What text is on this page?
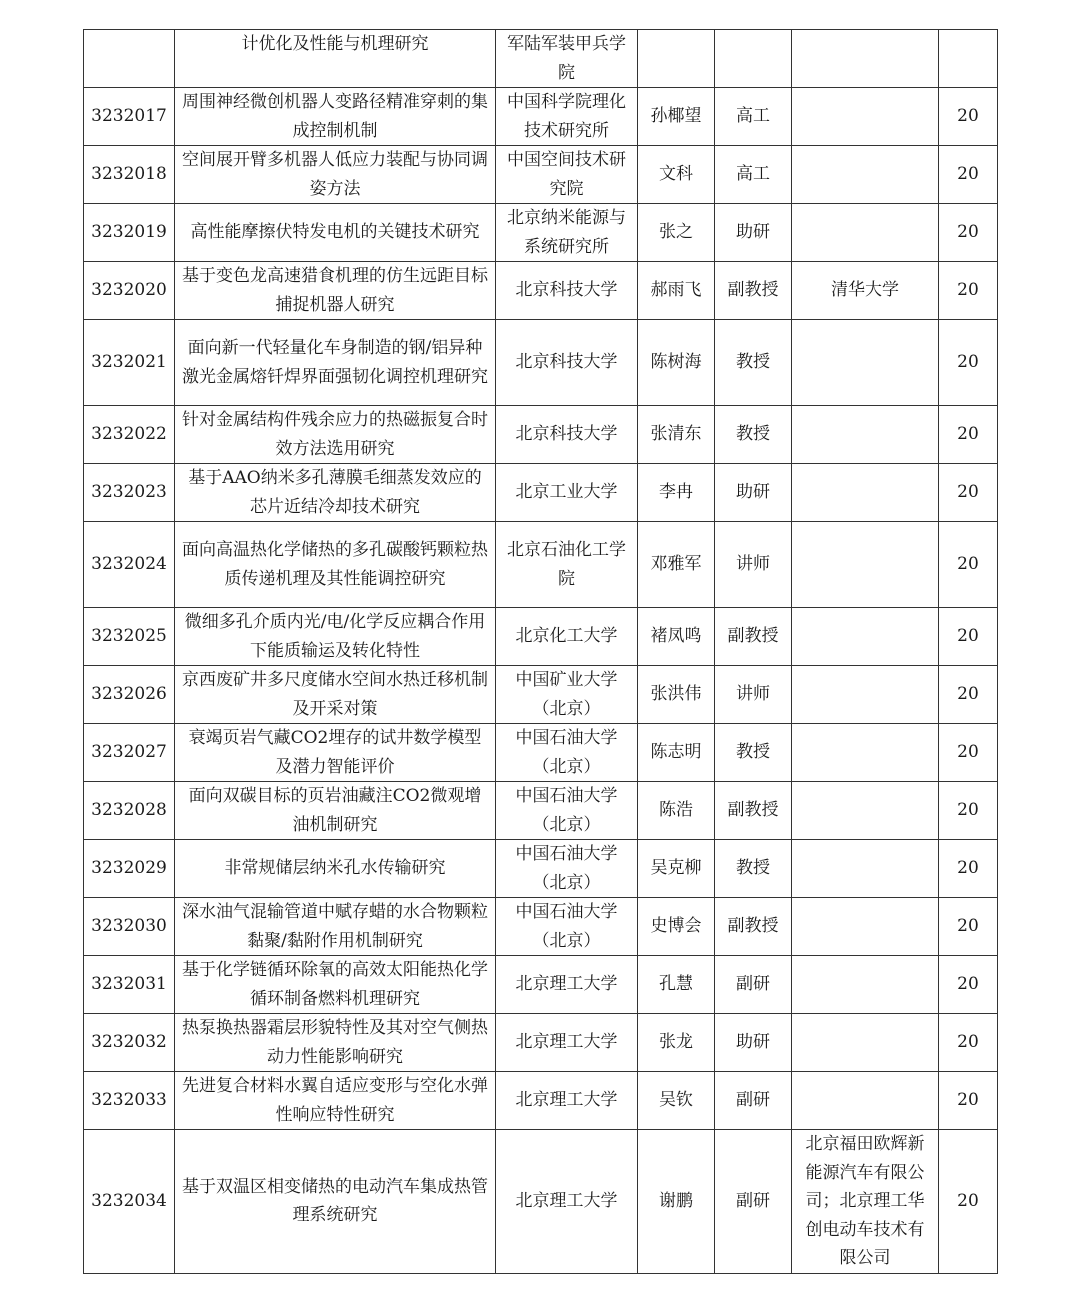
	计优化及性能与机理研究	军陆军装甲兵学院				
3232017	周围神经微创机器人变路径精准穿刺的集成控制机制	中国科学院理化技术研究所	孙椰望	高工		20
3232018	空间展开臂多机器人低应力装配与协同调姿方法	中国空间技术研究院	文科	高工		20
3232019	高性能摩擦伏特发电机的关键技术研究	北京纳米能源与系统研究所	张之	助研		20
3232020	基于变色龙高速猎食机理的仿生远距目标捕捉机器人研究	北京科技大学	郝雨飞	副教授	清华大学	20
3232021	面向新一代轻量化车身制造的钢/铝异种激光金属熔钎焊界面强韧化调控机理研究	北京科技大学	陈树海	教授		20
3232022	针对金属结构件残余应力的热磁振复合时效方法选用研究	北京科技大学	张清东	教授		20
3232023	基于AAO纳米多孔薄膜毛细蒸发效应的芯片近结冷却技术研究	北京工业大学	李冉	助研		20
3232024	面向高温热化学储热的多孔碳酸钙颗粒热质传递机理及其性能调控研究	北京石油化工学院	邓雅军	讲师		20
3232025	微细多孔介质内光/电/化学反应耦合作用下能质输运及转化特性	北京化工大学	褚凤鸣	副教授		20
3232026	京西废矿井多尺度储水空间水热迁移机制及开采对策	中国矿业大学（北京）	张洪伟	讲师		20
3232027	衰竭页岩气藏CO2埋存的试井数学模型及潜力智能评价	中国石油大学（北京）	陈志明	教授		20
3232028	面向双碳目标的页岩油藏注CO2微观增油机制研究	中国石油大学（北京）	陈浩	副教授		20
3232029	非常规储层纳米孔水传输研究	中国石油大学（北京）	吴克柳	教授		20
3232030	深水油气混输管道中赋存蜡的水合物颗粒黏聚/黏附作用机制研究	中国石油大学（北京）	史博会	副教授		20
3232031	基于化学链循环除氧的高效太阳能热化学循环制备燃料机理研究	北京理工大学	孔慧	副研		20
3232032	热泵换热器霜层形貌特性及其对空气侧热动力性能影响研究	北京理工大学	张龙	助研		20
3232033	先进复合材料水翼自适应变形与空化水弹性响应特性研究	北京理工大学	吴钦	副研		20
3232034	基于双温区相变储热的电动汽车集成热管理系统研究	北京理工大学	谢鹏	副研	北京福田欧辉新能源汽车有限公司；北京理工华创电动车技术有限公司	20
